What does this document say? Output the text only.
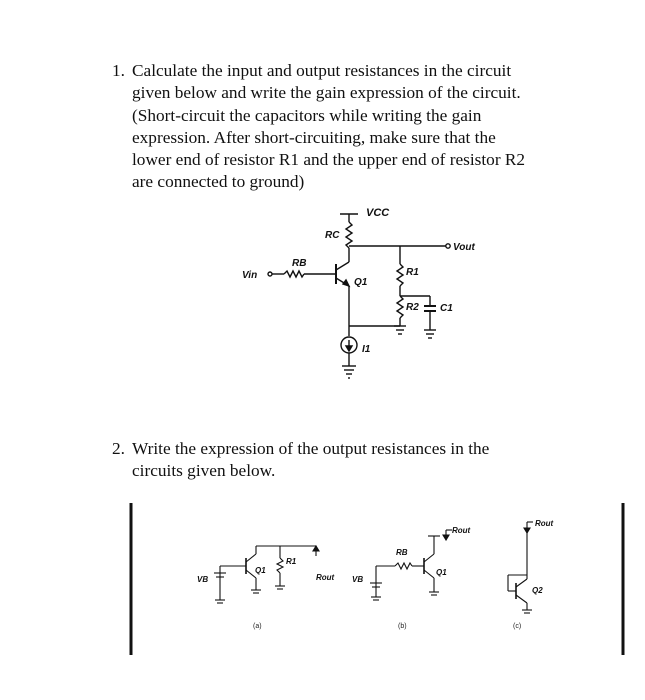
1. Calculate the input and output resistances in the circuit
given below and write the gain expression of the circuit.
(Short-circuit the capacitors while writing the gain
expression. After short-circuiting, make sure that the
lower end of resistor R1 and the upper end of resistor R2
are connected to ground)
VCC
RC
RB
Vin
Vout
Q1
R1
R2 C1
I1
2. Write the expression of the output resistances in the
circuits given below.
VB
Q1
R1
Rout
(a)
VB
RB
Q1
Rout
(b)
Rout
Q2
(c)
